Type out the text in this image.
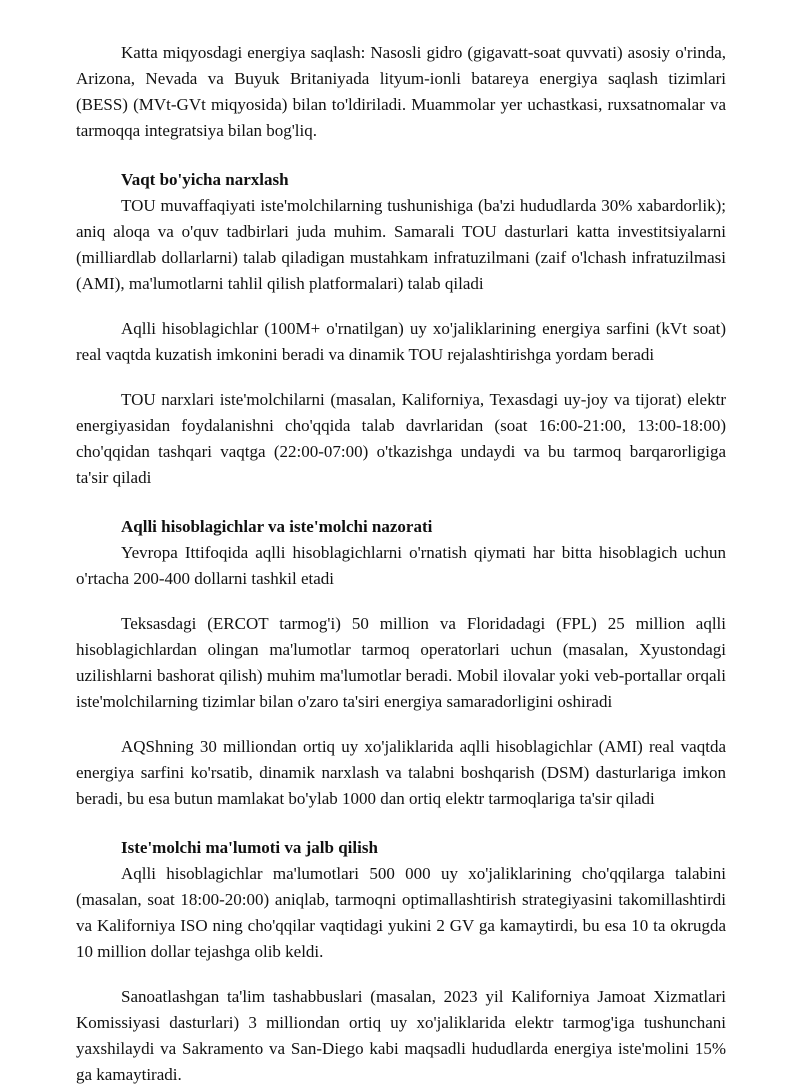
Katta miqyosdagi energiya saqlash: Nasosli gidro (gigavatt-soat quvvati) asosiy o'rinda, Arizona, Nevada va Buyuk Britaniyada lityum-ionli batareya energiya saqlash tizimlari (BESS) (MVt-GVt miqyosida) bilan to'ldiriladi. Muammolar yer uchastkasi, ruxsatnomalar va tarmoqqa integratsiya bilan bog'liq.

Vaqt bo'yicha narxlash

TOU muvaffaqiyati iste'molchilarning tushunishiga (ba'zi hududlarda 30% xabardorlik); aniq aloqa va o'quv tadbirlari juda muhim. Samarali TOU dasturlari katta investitsiyalarni (milliardlab dollarlarni) talab qiladigan mustahkam infratuzilmani (zaif o'lchash infratuzilmasi (AMI), ma'lumotlarni tahlil qilish platformalari) talab qiladi

Aqlli hisoblagichlar (100M+ o'rnatilgan) uy xo'jaliklarining energiya sarfini (kVt soat) real vaqtda kuzatish imkonini beradi va dinamik TOU rejalashtirishga yordam beradi

TOU narxlari iste'molchilarni (masalan, Kaliforniya, Texasdagi uy-joy va tijorat) elektr energiyasidan foydalanishni cho'qqida talab davrlaridan (soat 16:00-21:00, 13:00-18:00) cho'qqidan tashqari vaqtga (22:00-07:00) o'tkazishga undaydi va bu tarmoq barqarorligiga ta'sir qiladi

Aqlli hisoblagichlar va iste'molchi nazorati

Yevropa Ittifoqida aqlli hisoblagichlarni o'rnatish qiymati har bitta hisoblagich uchun o'rtacha 200-400 dollarni tashkil etadi

Teksasdagi (ERCOT tarmog'i) 50 million va Floridadagi (FPL) 25 million aqlli hisoblagichlardan olingan ma'lumotlar tarmoq operatorlari uchun (masalan, Xyustondagi uzilishlarni bashorat qilish) muhim ma'lumotlar beradi. Mobil ilovalar yoki veb-portallar orqali iste'molchilarning tizimlar bilan o'zaro ta'siri energiya samaradorligini oshiradi

AQShning 30 milliondan ortiq uy xo'jaliklarida aqlli hisoblagichlar (AMI) real vaqtda energiya sarfini ko'rsatib, dinamik narxlash va talabni boshqarish (DSM) dasturlariga imkon beradi, bu esa butun mamlakat bo'ylab 1000 dan ortiq elektr tarmoqlariga ta'sir qiladi

Iste'molchi ma'lumoti va jalb qilish

Aqlli hisoblagichlar ma'lumotlari 500 000 uy xo'jaliklarining cho'qqilarga talabini (masalan, soat 18:00-20:00) aniqlab, tarmoqni optimallashtirish strategiyasini takomillashtirdi va Kaliforniya ISO ning cho'qqilar vaqtidagi yukini 2 GV ga kamaytirdi, bu esa 10 ta okrugda 10 million dollar tejashga olib keldi.

Sanoatlashgan ta'lim tashabbuslari (masalan, 2023 yil Kaliforniya Jamoat Xizmatlari Komissiyasi dasturlari) 3 milliondan ortiq uy xo'jaliklarida elektr tarmog'iga tushunchani yaxshilaydi va Sakramento va San-Diego kabi maqsadli hududlarda energiya iste'molini 15% ga kamaytiradi.
